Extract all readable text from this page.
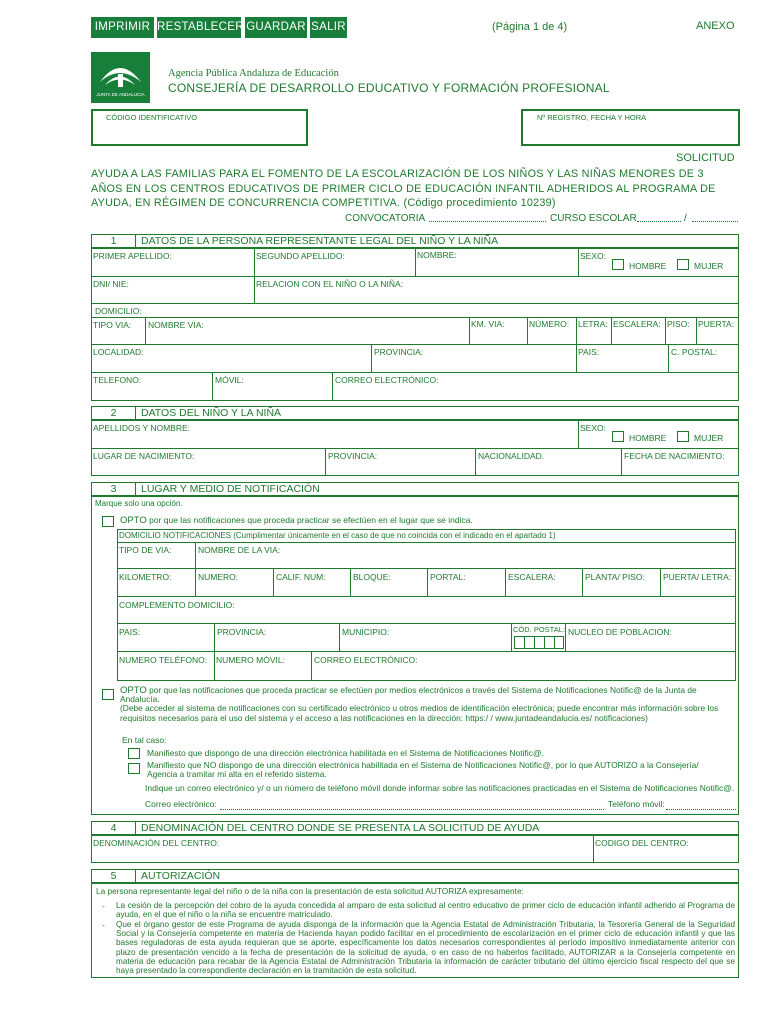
IMPRIMIR RESTABLECER GUARDAR SALIR	(Página 1 de 4)	ANEXO
JUNTA DE ANDALUCIA
Agencia Pública Andaluza de Educación
CONSEJERÍA DE DESARROLLO EDUCATIVO Y FORMACIÓN PROFESIONAL
CÓDIGO IDENTIFICATIVO	Nº REGISTRO, FECHA Y HORA
SOLICITUD
AYUDA A LAS FAMILIAS PARA EL FOMENTO DE LA ESCOLARIZACIÓN DE LOS NIÑOS Y LAS NIÑAS MENORES DE 3
AÑOS EN LOS CENTROS EDUCATIVOS DE PRIMER CICLO DE EDUCACIÓN INFANTIL ADHERIDOS AL PROGRAMA DE
AYUDA, EN RÉGIMEN DE CONCURRENCIA COMPETITIVA. (Código procedimiento 10239)
CONVOCATORIA	CURSO ESCOLAR	/
1	DATOS DE LA PERSONA REPRESENTANTE LEGAL DEL NIÑO Y LA NIÑA
PRIMER APELLIDO:	SEGUNDO APELLIDO:	NOMBRE:	SEXO:
HOMBRE	MUJER
DNI/ NIE:	RELACION CON EL NIÑO O LA NIÑA:
DOMICILIO:
TIPO VIA: NOMBRE VIA:	KM. VIA:	NÚMERO: LETRA: ESCALERA: PISO: PUERTA:
LOCALIDAD:	PROVINCIA:	PAIS:	C. POSTAL:
TELEFONO:	MÓVIL:	CORREO ELECTRÓNICO:
2	DATOS DEL NIÑO Y LA NIÑA
APELLIDOS Y NOMBRE:	SEXO:
HOMBRE	MUJER
LUGAR DE NACIMIENTO:	PROVINCIA:	NACIONALIDAD.	FECHA DE NACIMIENTO:
3	LUGAR Y MEDIO DE NOTIFICACIÓN
Marque solo una opción.
OPTO por que las notificaciones que proceda practicar se efectúen en el lugar que se indica.
DOMICILIO NOTIFICACIONES (Cumplimentar únicamente en el caso de que no coincida con el indicado en el apartado 1)
TIPO DE VIA:	NOMBRE DE LA VIA:
KILOMETRO:	NUMERO:	CALIF. NUM:	BLOQUE:	PORTAL:	ESCALERA:	PLANTA/ PISO: PUERTA/ LETRA:
COMPLEMENTO DOMICILIO:
PAIS:	PROVINCIA:	MUNICIPIO:	CÓD. POSTAL: NUCLEO DE POBLACION:
NUMERO TELÉFONO: NUMERO MÓVIL:	CORREO ELECTRÓNICO:
OPTO por que las notificaciones que proceda practicar se efectúen por medios electrónicos a través del Sistema de Notificaciones Notific@ de la Junta de
Andalucía.
(Debe acceder al sistema de notificaciones con su certificado electrónico u otros medios de identificación electrónica; puede encontrar más información sobre los
requisitos necesarios para el uso del sistema y el acceso a las notificaciones en la dirección: https:/ / www.juntadeandalucia.es/ notificaciones)
En tal caso:
Manifiesto que dispongo de una dirección electrónica habilitada en el Sistema de Notificaciones Notific@.
Manifiesto que NO dispongo de una dirección electrónica habilitada en el Sistema de Notificaciones Notific@, por lo que AUTORIZO a la Consejería/
Agencia a tramitar mi alta en el referido sistema.
Indique un correo electrónico y/ o un número de teléfono móvil donde informar sobre las notificaciones practicadas en el Sistema de Notificaciones Notific@.
Correo electrónico:	Teléfono móvil:
4	DENOMINACIÓN DEL CENTRO DONDE SE PRESENTA LA SOLICITUD DE AYUDA
DENOMINACIÓN DEL CENTRO:	CODIGO DEL CENTRO:
5	AUTORIZACIÓN
La persona representante legal del niño o de la niña con la presentación de esta solicitud AUTORIZA expresamente:
- La cesión de la percepción del cobro de la ayuda concedida al amparo de esta solicitud al centro educativo de primer ciclo de educación infantil adherido al Programa de ayuda, en el que el niño o la niña se encuentre matriculado.
- Que el órgano gestor de este Programa de ayuda disponga de la información que la Agencia Estatal de Administración Tributaria, la Tesorería General de la Seguridad Social y la Consejería competente en materia de Hacienda hayan podido facilitar en el procedimiento de escolarización en el primer ciclo de educación infantil y que las bases reguladoras de esta ayuda requieran que se aporte, específicamente los datos necesarios correspondientes al período impositivo inmediatamente anterior con plazo de presentación vencido a la fecha de presentación de la solicitud de ayuda, o en caso de no haberlos facilitado, AUTORIZAR a la Consejería competente en materia de educación para recabar de la Agencia Estatal de Administración Tributaria la información de carácter tributario del último ejercicio fiscal respecto del que se haya presentado la correspondiente declaración en la tramitación de esta solicitud.
